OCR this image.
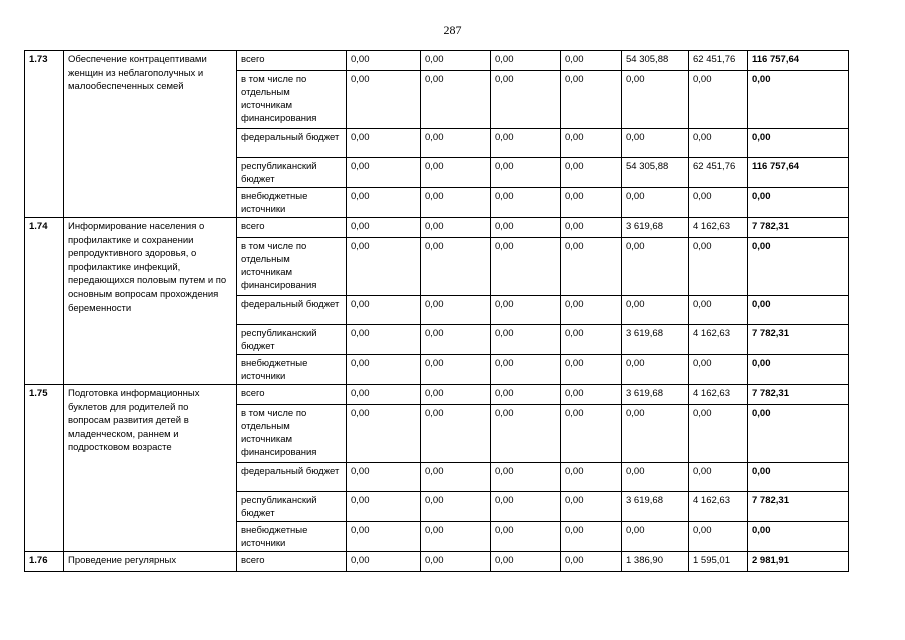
287
1.73	Обеспечение контрацептивами женщин из неблагополучных и малообеспеченных семей	всего	0,00	0,00	0,00	0,00	54 305,88	62 451,76	116 757,64
		в том числе по отдельным источникам финансирования	0,00	0,00	0,00	0,00	0,00	0,00	0,00
		федеральный бюджет	0,00	0,00	0,00	0,00	0,00	0,00	0,00
		республиканский бюджет	0,00	0,00	0,00	0,00	54 305,88	62 451,76	116 757,64
		внебюджетные источники	0,00	0,00	0,00	0,00	0,00	0,00	0,00
1.74	Информирование населения о профилактике и сохранении репродуктивного здоровья, о профилактике инфекций, передающихся половым путем и по основным вопросам прохождения беременности	всего	0,00	0,00	0,00	0,00	3 619,68	4 162,63	7 782,31
		в том числе по отдельным источникам финансирования	0,00	0,00	0,00	0,00	0,00	0,00	0,00
		федеральный бюджет	0,00	0,00	0,00	0,00	0,00	0,00	0,00
		республиканский бюджет	0,00	0,00	0,00	0,00	3 619,68	4 162,63	7 782,31
		внебюджетные источники	0,00	0,00	0,00	0,00	0,00	0,00	0,00
1.75	Подготовка информационных буклетов для родителей по вопросам развития детей в младенческом, раннем и подростковом возрасте	всего	0,00	0,00	0,00	0,00	3 619,68	4 162,63	7 782,31
		в том числе по отдельным источникам финансирования	0,00	0,00	0,00	0,00	0,00	0,00	0,00
		федеральный бюджет	0,00	0,00	0,00	0,00	0,00	0,00	0,00
		республиканский бюджет	0,00	0,00	0,00	0,00	3 619,68	4 162,63	7 782,31
		внебюджетные источники	0,00	0,00	0,00	0,00	0,00	0,00	0,00
1.76	Проведение регулярных	всего	0,00	0,00	0,00	0,00	1 386,90	1 595,01	2 981,91
